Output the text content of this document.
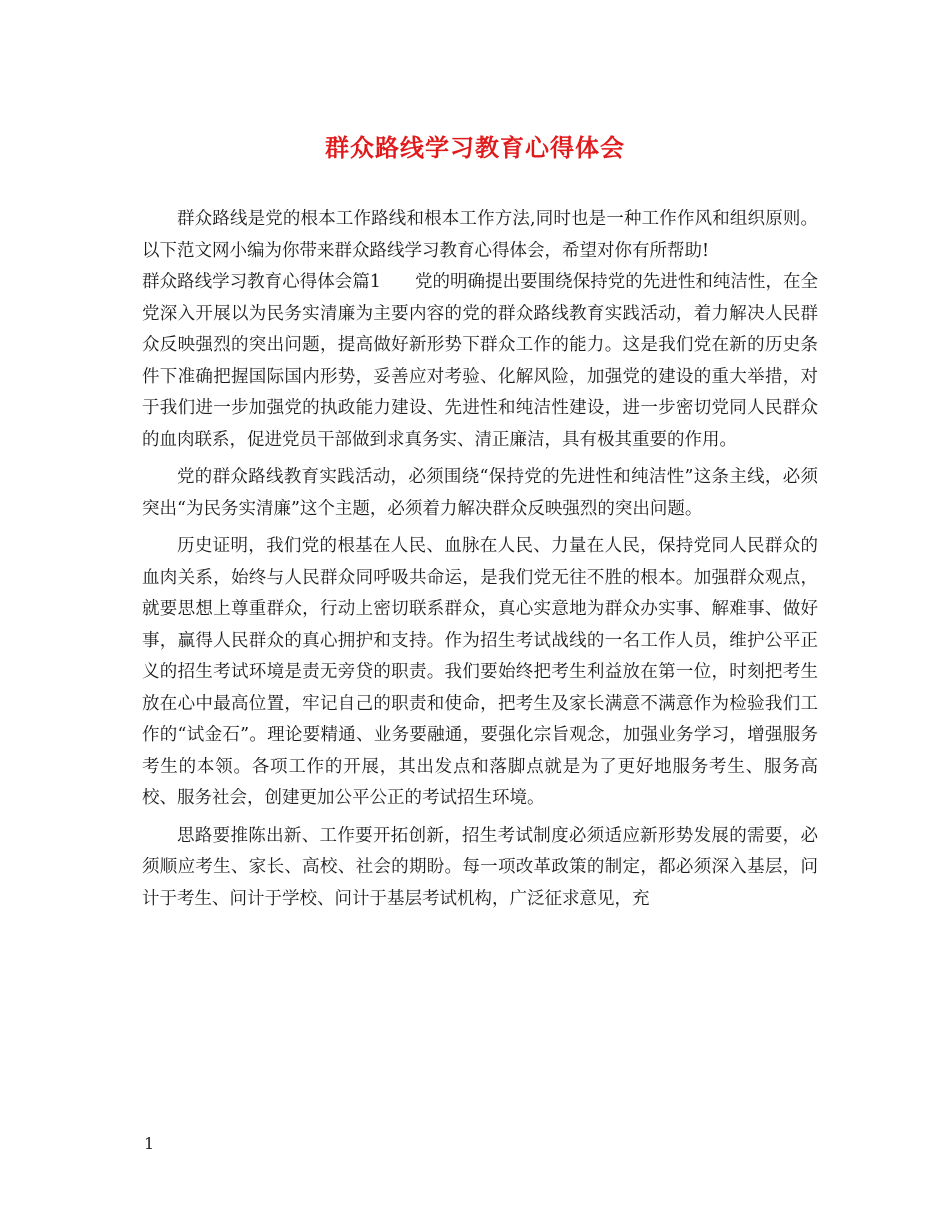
群众路线学习教育心得体会

群众路线是党的根本工作路线和根本工作方法,同时也是一种工作作风和组织原则。以下范文网小编为你带来群众路线学习教育心得体会，希望对你有所帮助!

群众路线学习教育心得体会篇1 党的明确提出要围绕保持党的先进性和纯洁性，在全党深入开展以为民务实清廉为主要内容的党的群众路线教育实践活动，着力解决人民群众反映强烈的突出问题，提高做好新形势下群众工作的能力。这是我们党在新的历史条件下准确把握国际国内形势，妥善应对考验、化解风险，加强党的建设的重大举措，对于我们进一步加强党的执政能力建设、先进性和纯洁性建设，进一步密切党同人民群众的血肉联系，促进党员干部做到求真务实、清正廉洁，具有极其重要的作用。

党的群众路线教育实践活动，必须围绕“保持党的先进性和纯洁性”这条主线，必须突出“为民务实清廉”这个主题，必须着力解决群众反映强烈的突出问题。

历史证明，我们党的根基在人民、血脉在人民、力量在人民，保持党同人民群众的血肉关系，始终与人民群众同呼吸共命运，是我们党无往不胜的根本。加强群众观点，就要思想上尊重群众，行动上密切联系群众，真心实意地为群众办实事、解难事、做好事，赢得人民群众的真心拥护和支持。作为招生考试战线的一名工作人员，维护公平正义的招生考试环境是责无旁贷的职责。我们要始终把考生利益放在第一位，时刻把考生放在心中最高位置，牢记自己的职责和使命，把考生及家长满意不满意作为检验我们工作的“试金石”。理论要精通、业务要融通，要强化宗旨观念，加强业务学习，增强服务考生的本领。各项工作的开展，其出发点和落脚点就是为了更好地服务考生、服务高校、服务社会，创建更加公平公正的考试招生环境。

思路要推陈出新、工作要开拓创新，招生考试制度必须适应新形势发展的需要，必须顺应考生、家长、高校、社会的期盼。每一项改革政策的制定，都必须深入基层，问计于考生、问计于学校、问计于基层考试机构，广泛征求意见，充

1
